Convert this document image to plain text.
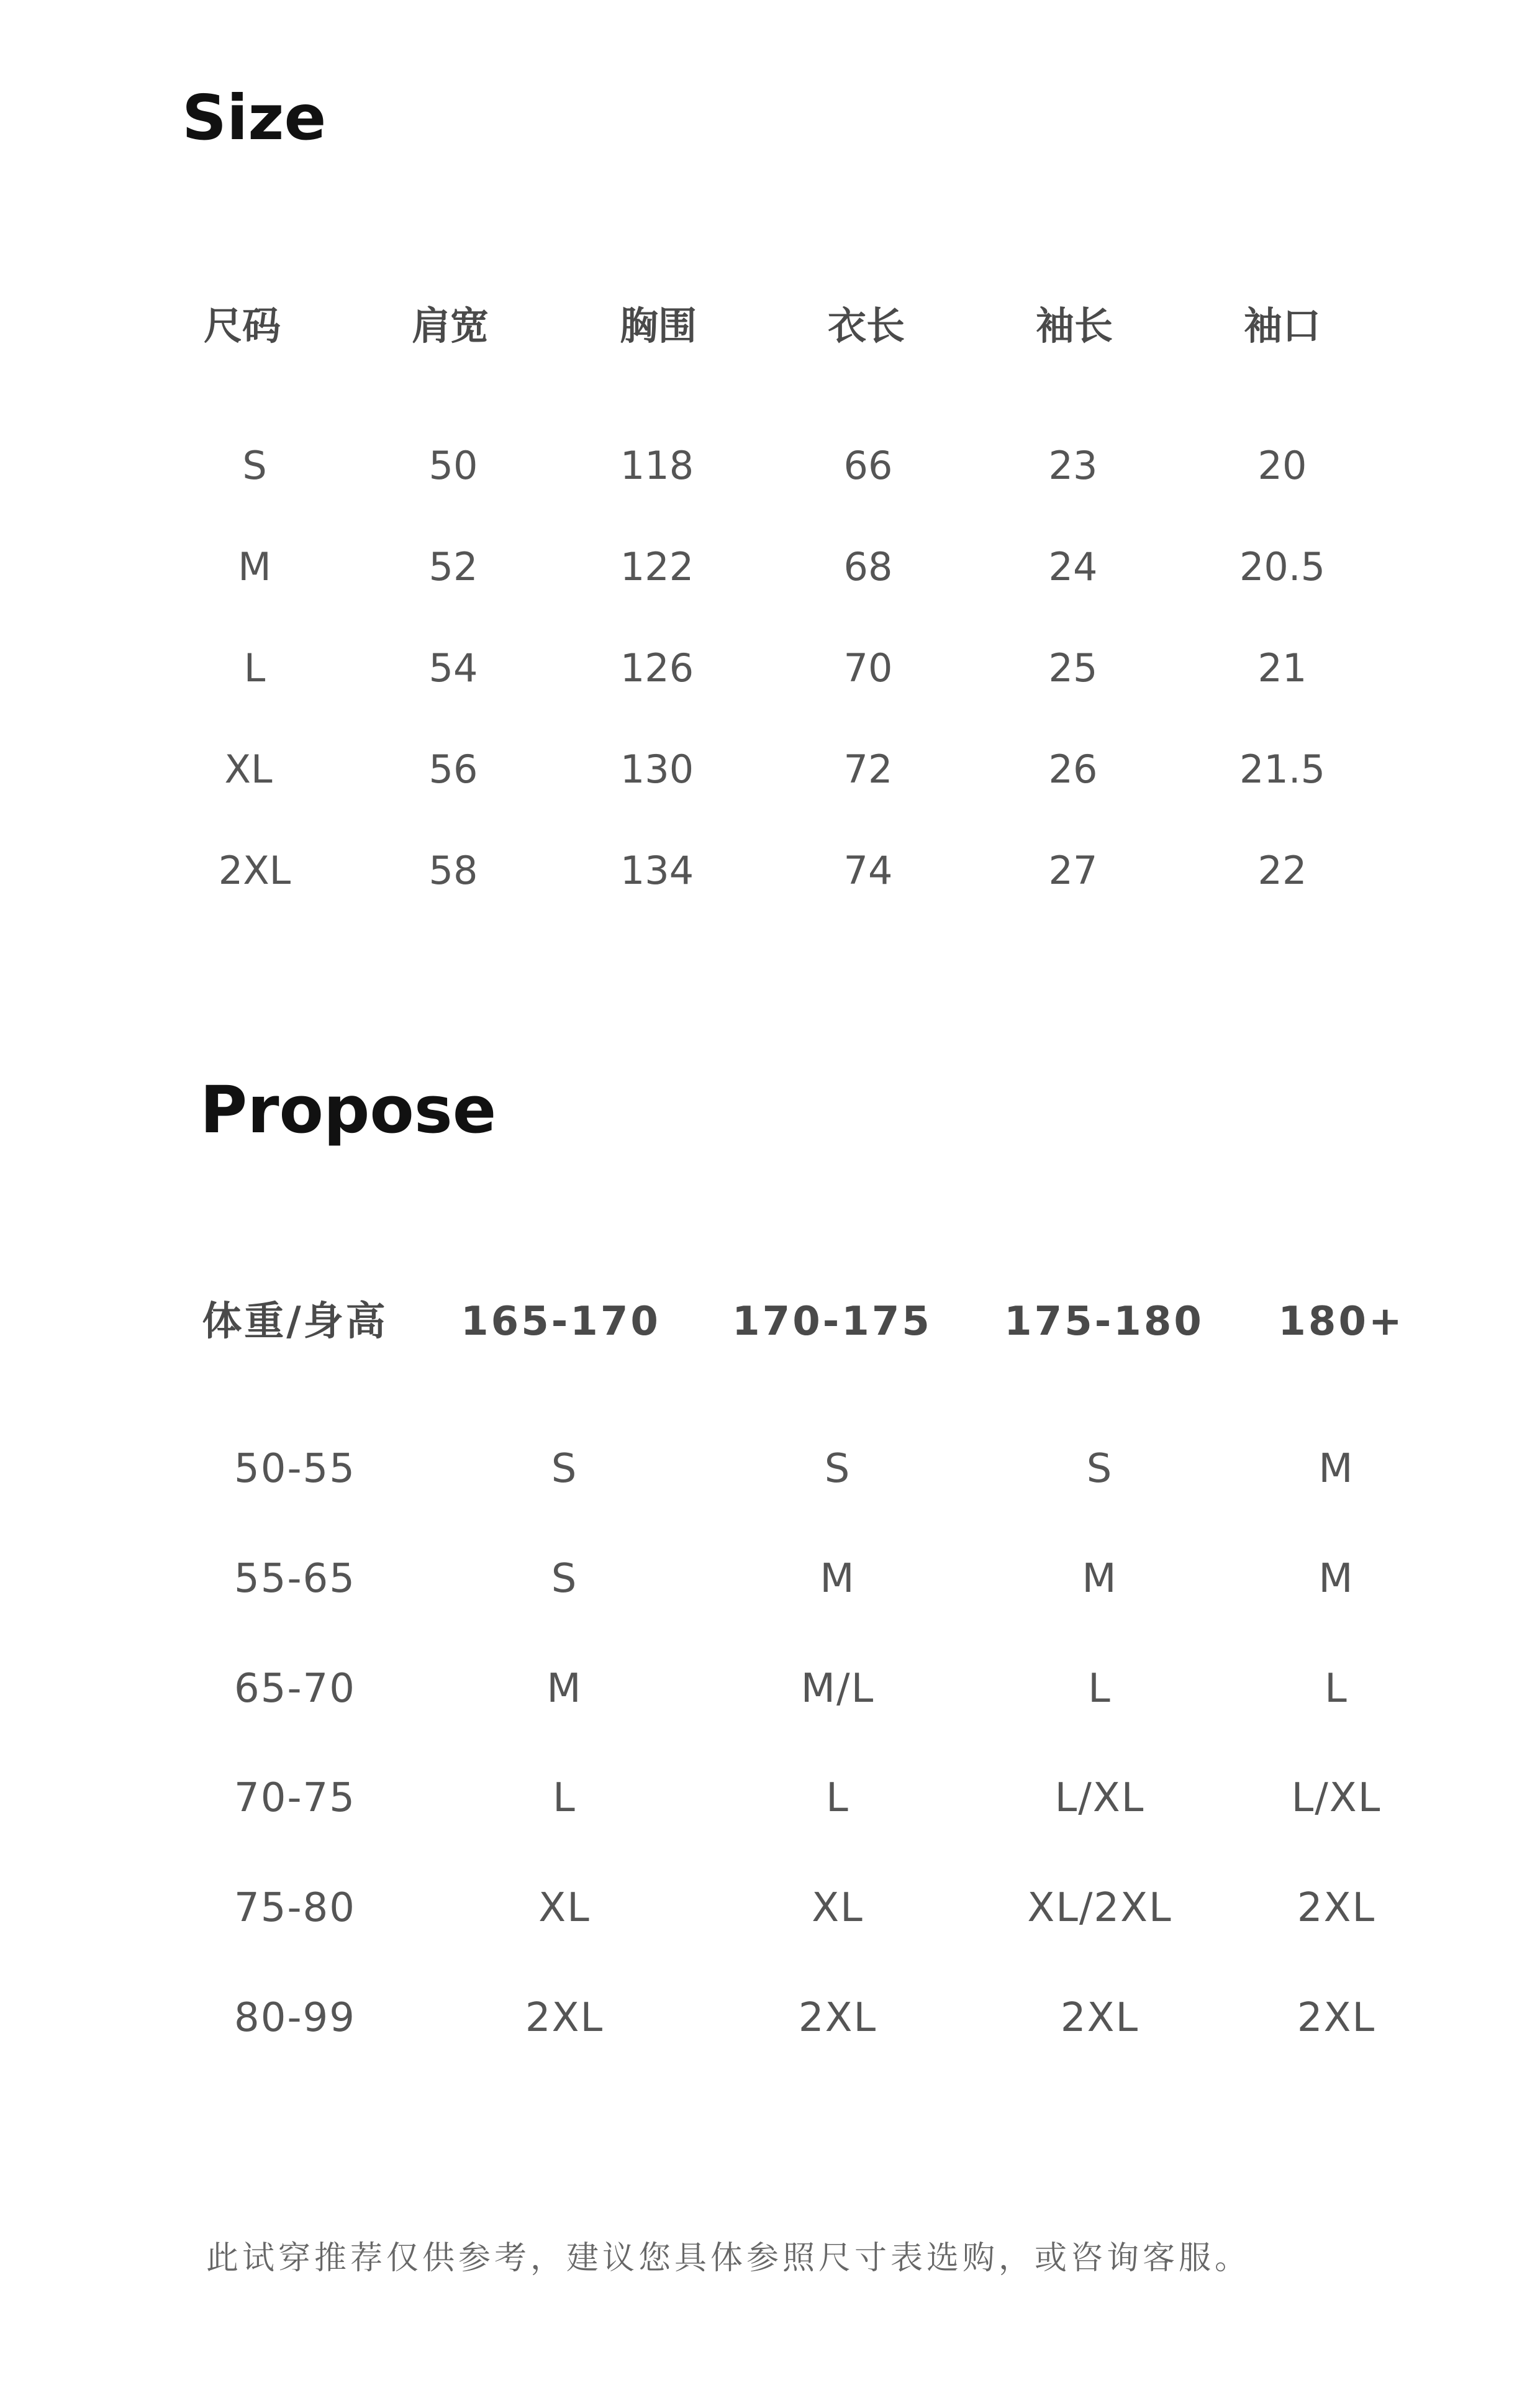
Size
尺码	肩宽	胸围	衣长	袖长	袖口
S	50	118	66	23	20
M	52	122	68	24	20.5
L	54	126	70	25	21
XL	56	130	72	26	21.5
2XL	58	134	74	27	22
Propose
体重/身高 165-170 170-175 175-180 180+
50-55	S	S	S	M
55-65	S	M	M	M
65-70	M	M/L	L	L
70-75	L	L	L/XL	L/XL
75-80	XL	XL	XL/2XL	2XL
80-99	2XL	2XL	2XL	2XL

此试穿推荐仅供参考，建议您具体参照尺寸表选购，或咨询客服。
